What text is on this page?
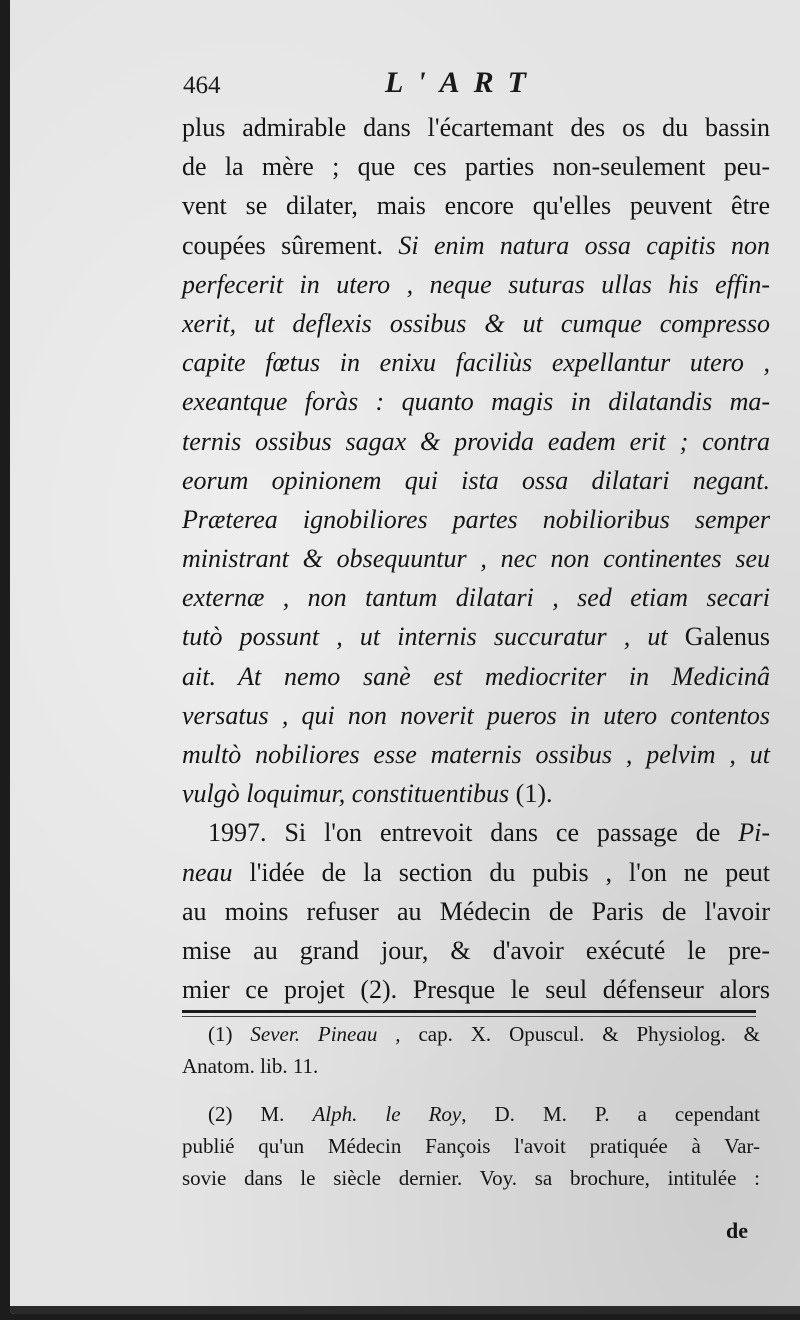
464	L'ART
plus admirable dans l'écartemant des os du bassin
de la mère ; que ces parties non-seulement peu-
vent se dilater, mais encore qu'elles peuvent être
coupées sûrement. Si enim natura ossa capitis non
perfecerit in utero , neque suturas ullas his effin-
xerit, ut deflexis ossibus & ut cumque compresso
capite fœtus in enixu faciliùs expellantur utero ,
exeantque foràs : quanto magis in dilatandis ma-
ternis ossibus sagax & provida eadem erit ; contra
eorum opinionem qui ista ossa dilatari negant.
Præterea ignobiliores partes nobilioribus semper
ministrant & obsequuntur , nec non continentes seu
externæ , non tantum dilatari , sed etiam secari
tutò possunt , ut internis succuratur , ut Galenus
ait. At nemo sanè est mediocriter in Medicinâ
versatus , qui non noverit pueros in utero contentos
multò nobiliores esse maternis ossibus , pelvim , ut
vulgò loquimur, constituentibus (1).
1997. Si l'on entrevoit dans ce passage de Pi-
neau l'idée de la section du pubis , l'on ne peut
au moins refuser au Médecin de Paris de l'avoir
mise au grand jour, & d'avoir exécuté le pre-
mier ce projet (2). Presque le seul défenseur alors
(1) Sever. Pineau , cap. X. Opuscul. & Physiolog. &
Anatom. lib. 11.
(2) M. Alph. le Roy, D. M. P. a cependant
publié qu'un Médecin Fançois l'avoit pratiquée à Var-
sovie dans le siècle dernier. Voy. sa brochure, intitulée :
de
